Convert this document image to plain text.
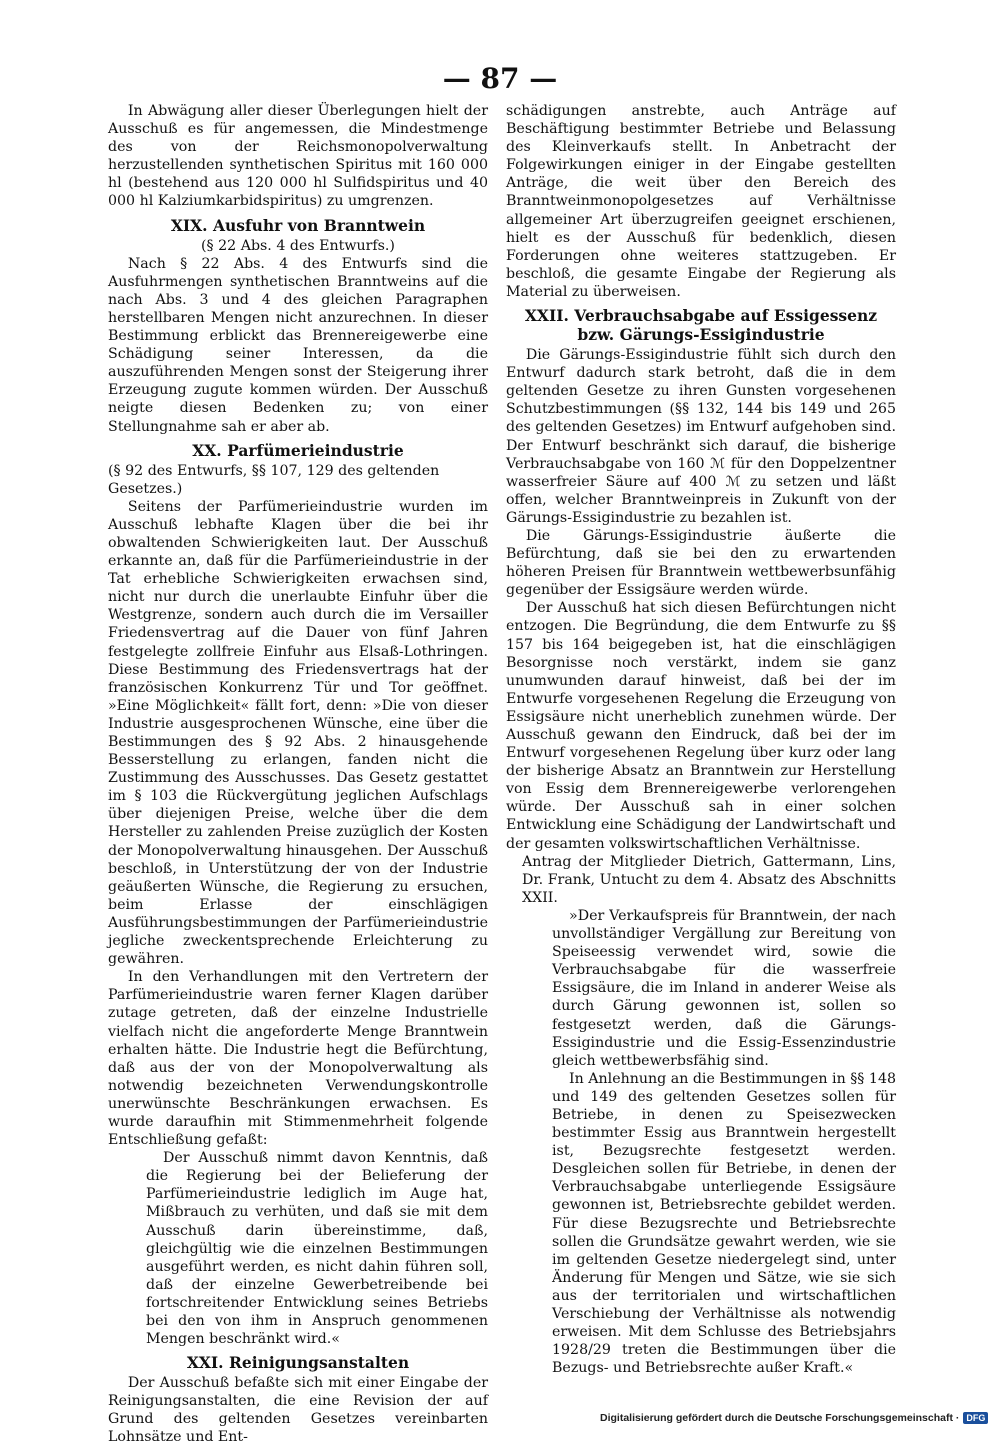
— 87 —

In Abwägung aller dieser Überlegungen hielt der Ausschuß es für angemessen, die Mindestmenge des von der Reichsmonopolverwaltung herzustellenden synthetischen Spiritus mit 160 000 hl (bestehend aus 120 000 hl Sulfidspiritus und 40 000 hl Kalziumkarbidspiritus) zu umgrenzen.

XIX. Ausfuhr von Branntwein

(§ 22 Abs. 4 des Entwurfs.)

Nach § 22 Abs. 4 des Entwurfs sind die Ausfuhrmengen synthetischen Branntweins auf die nach Abs. 3 und 4 des gleichen Paragraphen herstellbaren Mengen nicht anzurechnen. In dieser Bestimmung erblickt das Brennereigewerbe eine Schädigung seiner Interessen, da die auszuführenden Mengen sonst der Steigerung ihrer Erzeugung zugute kommen würden. Der Ausschuß neigte diesen Bedenken zu; von einer Stellungnahme sah er aber ab.

XX. Parfümerieindustrie

(§ 92 des Entwurfs, §§ 107, 129 des geltenden Gesetzes.)

Seitens der Parfümerieindustrie wurden im Ausschuß lebhafte Klagen über die bei ihr obwaltenden Schwierigkeiten laut. Der Ausschuß erkannte an, daß für die Parfümerieindustrie in der Tat erhebliche Schwierigkeiten erwachsen sind, nicht nur durch die unerlaubte Einfuhr über die Westgrenze, sondern auch durch die im Versailler Friedensvertrag auf die Dauer von fünf Jahren festgelegte zollfreie Einfuhr aus Elsaß-Lothringen. Diese Bestimmung des Friedensvertrags hat der französischen Konkurrenz Tür und Tor geöffnet. »Eine Möglichkeit« fällt fort, denn: »Die von dieser Industrie ausgesprochenen Wünsche, eine über die Bestimmungen des § 92 Abs. 2 hinausgehende Besserstellung zu erlangen, fanden nicht die Zustimmung des Ausschusses. Das Gesetz gestattet im § 103 die Rückvergütung jeglichen Aufschlags über diejenigen Preise, welche über die dem Hersteller zu zahlenden Preise zuzüglich der Kosten der Monopolverwaltung hinausgehen. Der Ausschuß beschloß, in Unterstützung der von der Industrie geäußerten Wünsche, die Regierung zu ersuchen, beim Erlasse der einschlägigen Ausführungsbestimmungen der Parfümerieindustrie jegliche zweckentsprechende Erleichterung zu gewähren.

In den Verhandlungen mit den Vertretern der Parfümerieindustrie waren ferner Klagen darüber zutage getreten, daß der einzelne Industrielle vielfach nicht die angeforderte Menge Branntwein erhalten hätte. Die Industrie hegt die Befürchtung, daß aus der von der Monopolverwaltung als notwendig bezeichneten Verwendungskontrolle unerwünschte Beschränkungen erwachsen. Es wurde daraufhin mit Stimmenmehrheit folgende Entschließung gefaßt:

Der Ausschuß nimmt davon Kenntnis, daß die Regierung bei der Belieferung der Parfümerieindustrie lediglich im Auge hat, Mißbrauch zu verhüten, und daß sie mit dem Ausschuß darin übereinstimme, daß, gleichgültig wie die einzelnen Bestimmungen ausgeführt werden, es nicht dahin führen soll, daß der einzelne Gewerbetreibende bei fortschreitender Entwicklung seines Betriebs bei den von ihm in Anspruch genommenen Mengen beschränkt wird.«

XXI. Reinigungsanstalten

Der Ausschuß befaßte sich mit einer Eingabe der Reinigungsanstalten, die eine Revision der auf Grund des geltenden Gesetzes vereinbarten Lohnsätze und Ent-

schädigungen anstrebte, auch Anträge auf Beschäftigung bestimmter Betriebe und Belassung des Kleinverkaufs stellt. In Anbetracht der Folgewirkungen einiger in der Eingabe gestellten Anträge, die weit über den Bereich des Branntweinmonopolgesetzes auf Verhältnisse allgemeiner Art überzugreifen geeignet erschienen, hielt es der Ausschuß für bedenklich, diesen Forderungen ohne weiteres stattzugeben. Er beschloß, die gesamte Eingabe der Regierung als Material zu überweisen.

XXII. Verbrauchsabgabe auf Essigessenz bzw. Gärungs-Essigindustrie

Die Gärungs-Essigindustrie fühlt sich durch den Entwurf dadurch stark betroht, daß die in dem geltenden Gesetze zu ihren Gunsten vorgesehenen Schutzbestimmungen (§§ 132, 144 bis 149 und 265 des geltenden Gesetzes) im Entwurf aufgehoben sind. Der Entwurf beschränkt sich darauf, die bisherige Verbrauchsabgabe von 160 ℳ für den Doppelzentner wasserfreier Säure auf 400 ℳ zu setzen und läßt offen, welcher Branntweinpreis in Zukunft von der Gärungs-Essigindustrie zu bezahlen ist.

Die Gärungs-Essigindustrie äußerte die Befürchtung, daß sie bei den zu erwartenden höheren Preisen für Branntwein wettbewerbsunfähig gegenüber der Essigsäure werden würde.

Der Ausschuß hat sich diesen Befürchtungen nicht entzogen. Die Begründung, die dem Entwurfe zu §§ 157 bis 164 beigegeben ist, hat die einschlägigen Besorgnisse noch verstärkt, indem sie ganz unumwunden darauf hinweist, daß bei der im Entwurfe vorgesehenen Regelung die Erzeugung von Essigsäure nicht unerheblich zunehmen würde. Der Ausschuß gewann den Eindruck, daß bei der im Entwurf vorgesehenen Regelung über kurz oder lang der bisherige Absatz an Branntwein zur Herstellung von Essig dem Brennereigewerbe verlorengehen würde. Der Ausschuß sah in einer solchen Entwicklung eine Schädigung der Landwirtschaft und der gesamten volkswirtschaftlichen Verhältnisse.

Antrag der Mitglieder Dietrich, Gattermann, Lins, Dr. Frank, Untucht zu dem 4. Absatz des Abschnitts XXII.

»Der Verkaufspreis für Branntwein, der nach unvollständiger Vergällung zur Bereitung von Speiseessig verwendet wird, sowie die Verbrauchsabgabe für die wasserfreie Essigsäure, die im Inland in anderer Weise als durch Gärung gewonnen ist, sollen so festgesetzt werden, daß die Gärungs-Essigindustrie und die Essig-Essenzindustrie gleich wettbewerbsfähig sind.

In Anlehnung an die Bestimmungen in §§ 148 und 149 des geltenden Gesetzes sollen für Betriebe, in denen zu Speisezwecken bestimmter Essig aus Branntwein hergestellt ist, Bezugsrechte festgesetzt werden. Desgleichen sollen für Betriebe, in denen der Verbrauchsabgabe unterliegende Essigsäure gewonnen ist, Betriebsrechte gebildet werden. Für diese Bezugsrechte und Betriebsrechte sollen die Grundsätze gewahrt werden, wie sie im geltenden Gesetze niedergelegt sind, unter Änderung für Mengen und Sätze, wie sie sich aus der territorialen und wirtschaftlichen Verschiebung der Verhältnisse als notwendig erweisen. Mit dem Schlusse des Betriebsjahrs 1928/29 treten die Bestimmungen über die Bezugs- und Betriebsrechte außer Kraft.«

Digitalisierung gefördert durch die Deutsche Forschungsgemeinschaft · DFG
